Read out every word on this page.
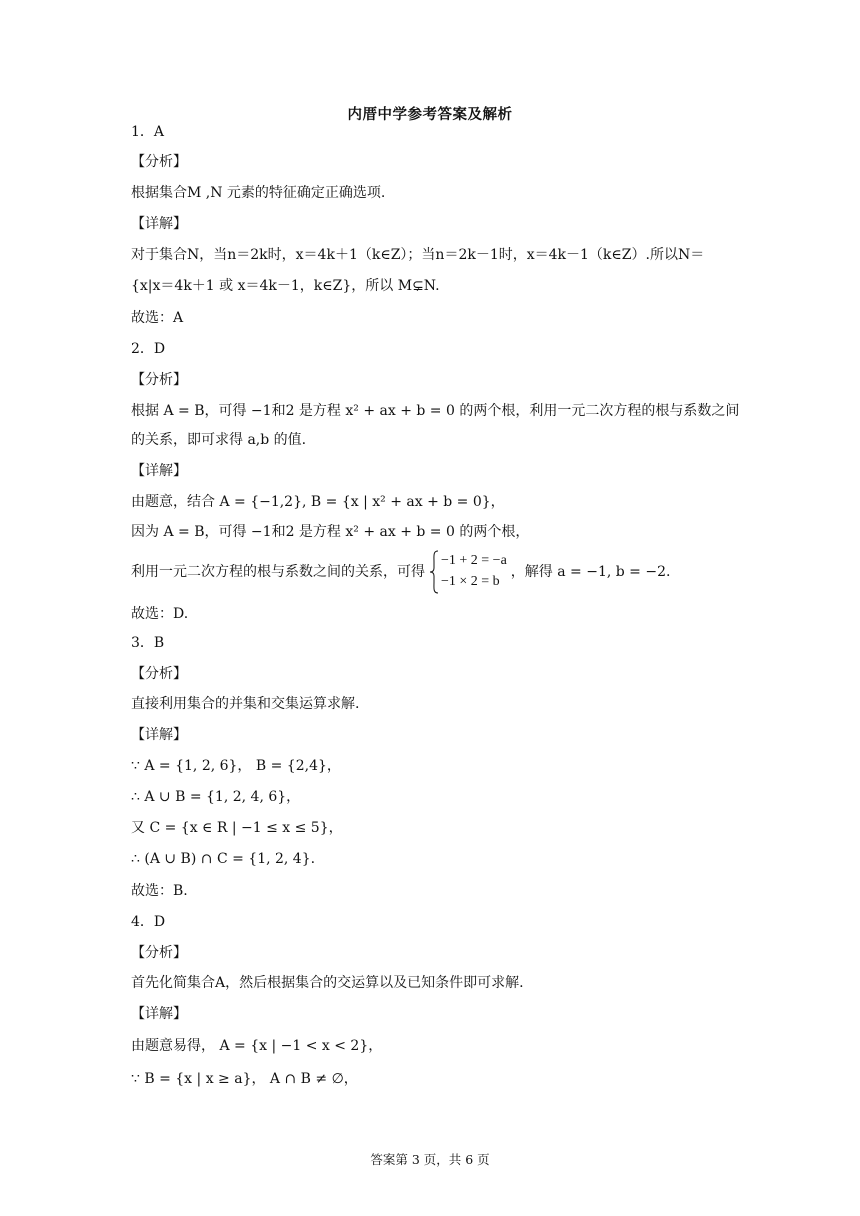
内厝中学参考答案及解析
1．A
【分析】
根据集合M ,N 元素的特征确定正确选项.
【详解】
对于集合N，当n＝2k时，x＝4k＋1（k∈Z）；当n＝2k－1时，x＝4k－1（k∈Z）.所以N＝
{x|x＝4k＋1 或 x＝4k－1，k∈Z}，所以 M⊊N.
故选：A
2．D
【分析】
根据 A = B，可得 −1和2 是方程 x² + ax + b = 0 的两个根，利用一元二次方程的根与系数之间
的关系，即可求得 a,b 的值.
【详解】
由题意，结合 A = {−1,2}, B = {x | x² + ax + b = 0}，
因为 A = B，可得 −1和2 是方程 x² + ax + b = 0 的两个根，
利用一元二次方程的根与系数之间的关系，可得
−1 + 2 = −a
−1 × 2 = b
，解得 a = −1, b = −2.
故选：D.
3．B
【分析】
直接利用集合的并集和交集运算求解.
【详解】
∵ A = {1, 2, 6}， B = {2,4}，
∴ A ∪ B = {1, 2, 4, 6}，
又 C = {x ∈ R | −1 ≤ x ≤ 5}，
∴ (A ∪ B) ∩ C = {1, 2, 4}.
故选：B.
4．D
【分析】
首先化简集合A，然后根据集合的交运算以及已知条件即可求解.
【详解】
由题意易得， A = {x | −1 < x < 2}，
∵ B = {x | x ≥ a}， A ∩ B ≠ ∅，
答案第 3 页，共 6 页
